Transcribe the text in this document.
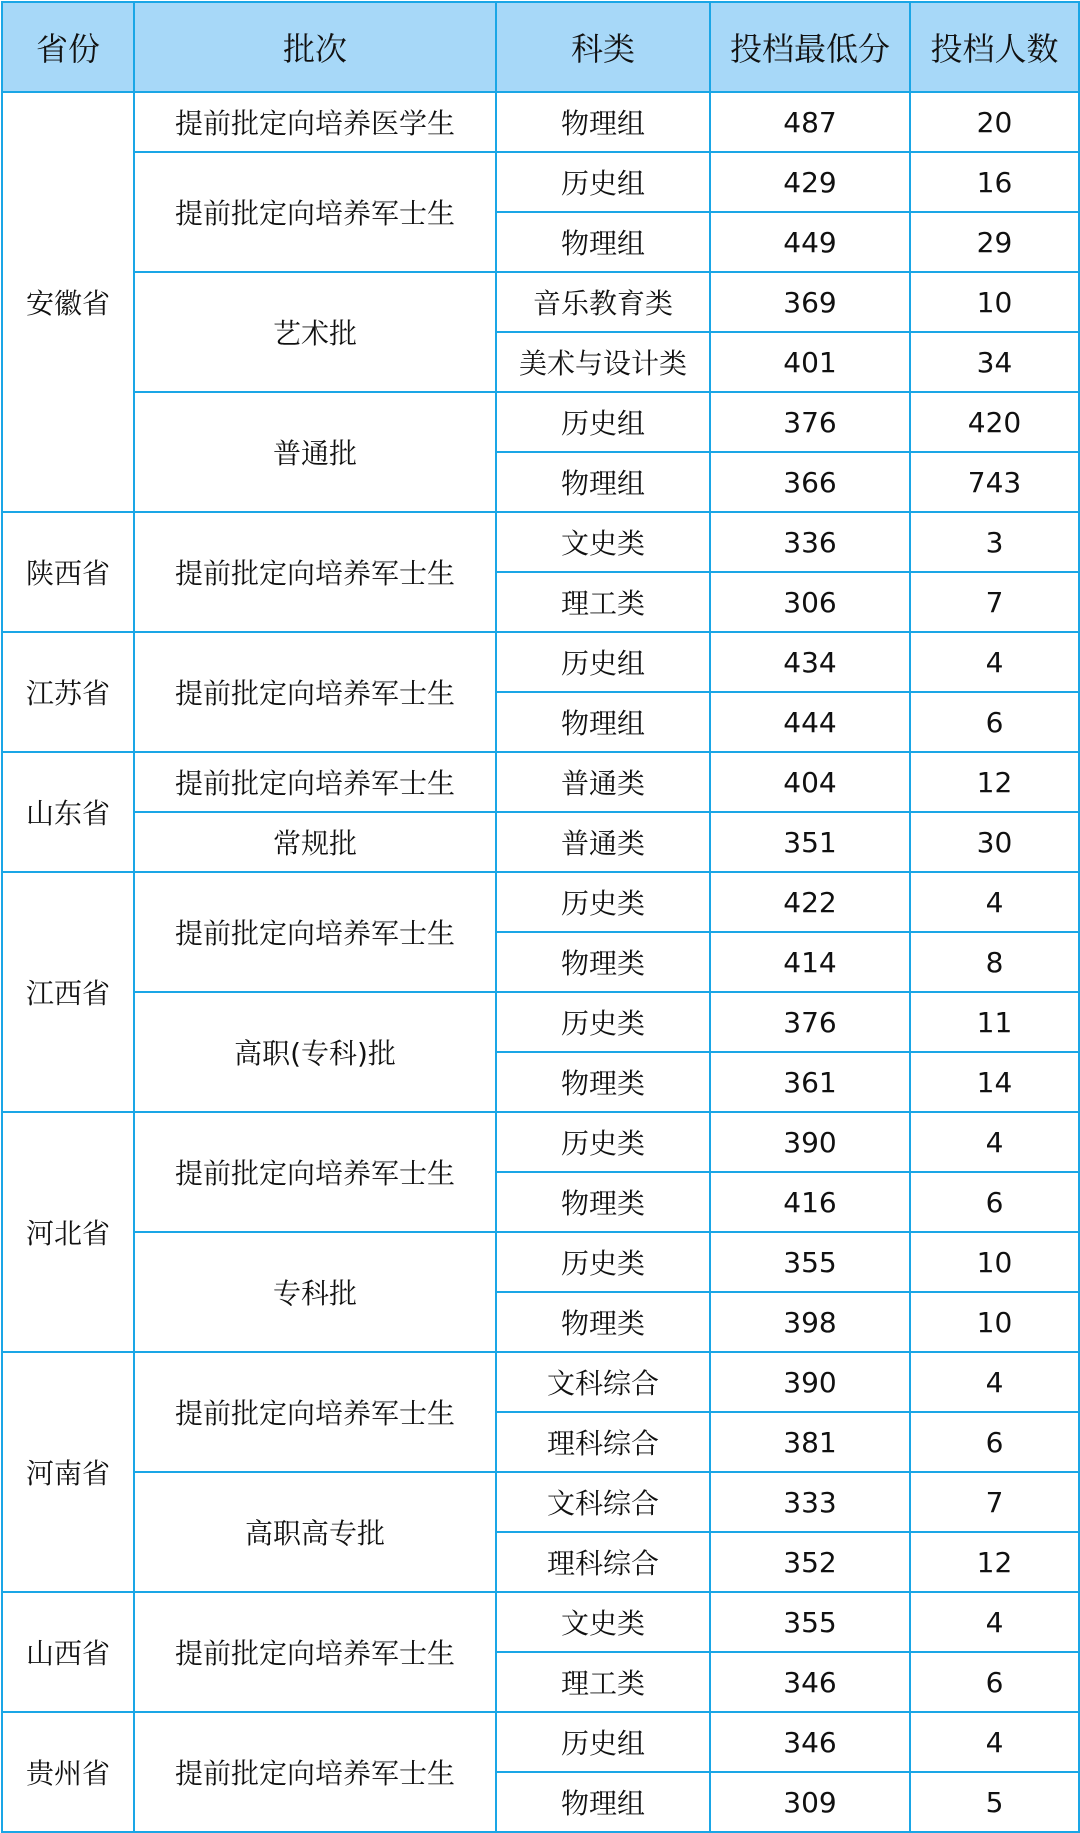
省份	批次	科类	投档最低分	投档人数
安徽省	提前批定向培养医学生	物理组	487	20
	提前批定向培养军士生	历史组	429	16
		物理组	449	29
	艺术批	音乐教育类	369	10
		美术与设计类	401	34
	普通批	历史组	376	420
		物理组	366	743
陕西省	提前批定向培养军士生	文史类	336	3
		理工类	306	7
江苏省	提前批定向培养军士生	历史组	434	4
		物理组	444	6
山东省	提前批定向培养军士生	普通类	404	12
	常规批	普通类	351	30
江西省	提前批定向培养军士生	历史类	422	4
		物理类	414	8
	高职(专科)批	历史类	376	11
		物理类	361	14
河北省	提前批定向培养军士生	历史类	390	4
		物理类	416	6
	专科批	历史类	355	10
		物理类	398	10
河南省	提前批定向培养军士生	文科综合	390	4
		理科综合	381	6
	高职高专批	文科综合	333	7
		理科综合	352	12
山西省	提前批定向培养军士生	文史类	355	4
		理工类	346	6
贵州省	提前批定向培养军士生	历史组	346	4
		物理组	309	5
